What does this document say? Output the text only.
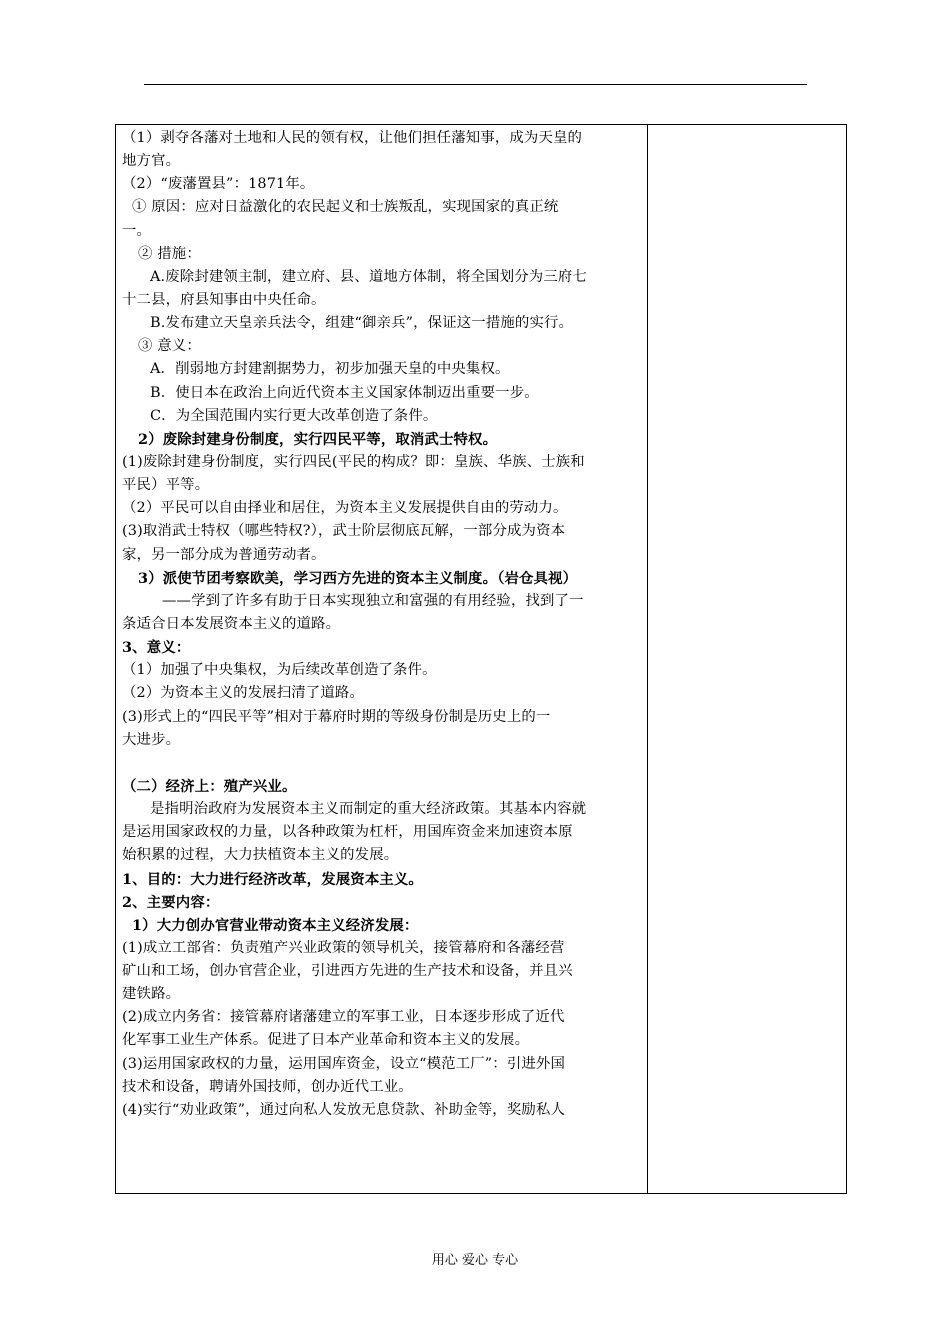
（1）剥夺各藩对土地和人民的领有权，让他们担任藩知事，成为天皇的
地方官。
（2）“废藩置县”：1871年。
① 原因：应对日益激化的农民起义和士族叛乱，实现国家的真正统
一。
② 措施：
A.废除封建领主制，建立府、县、道地方体制，将全国划分为三府七
十二县，府县知事由中央任命。
B.发布建立天皇亲兵法令，组建“御亲兵”，保证这一措施的实行。
③ 意义：
A．削弱地方封建割据势力，初步加强天皇的中央集权。
B．使日本在政治上向近代资本主义国家体制迈出重要一步。
C．为全国范围内实行更大改革创造了条件。
2）废除封建身份制度，实行四民平等，取消武士特权。
(1)废除封建身份制度，实行四民(平民的构成？即：皇族、华族、士族和
平民）平等。
（2）平民可以自由择业和居住，为资本主义发展提供自由的劳动力。
(3)取消武士特权（哪些特权?），武士阶层彻底瓦解，一部分成为资本
家，另一部分成为普通劳动者。
3）派使节团考察欧美，学习西方先进的资本主义制度。（岩仓具视）
——学到了许多有助于日本实现独立和富强的有用经验，找到了一
条适合日本发展资本主义的道路。
3、意义：
（1）加强了中央集权，为后续改革创造了条件。
（2）为资本主义的发展扫清了道路。
(3)形式上的“四民平等”相对于幕府时期的等级身份制是历史上的一
大进步。
（二）经济上：殖产兴业。
是指明治政府为发展资本主义而制定的重大经济政策。其基本内容就
是运用国家政权的力量，以各种政策为杠杆，用国库资金来加速资本原
始积累的过程，大力扶植资本主义的发展。
1、目的：大力进行经济改革，发展资本主义。
2、主要内容：
1）大力创办官营业带动资本主义经济发展：
(1)成立工部省：负责殖产兴业政策的领导机关，接管幕府和各藩经营
矿山和工场，创办官营企业，引进西方先进的生产技术和设备，并且兴
建铁路。
(2)成立内务省：接管幕府诸藩建立的军事工业，日本逐步形成了近代
化军事工业生产体系。促进了日本产业革命和资本主义的发展。
(3)运用国家政权的力量，运用国库资金，设立“模范工厂”：引进外国
技术和设备，聘请外国技师，创办近代工业。
(4)实行“劝业政策”，通过向私人发放无息贷款、补助金等，奖励私人
用心 爱心 专心
